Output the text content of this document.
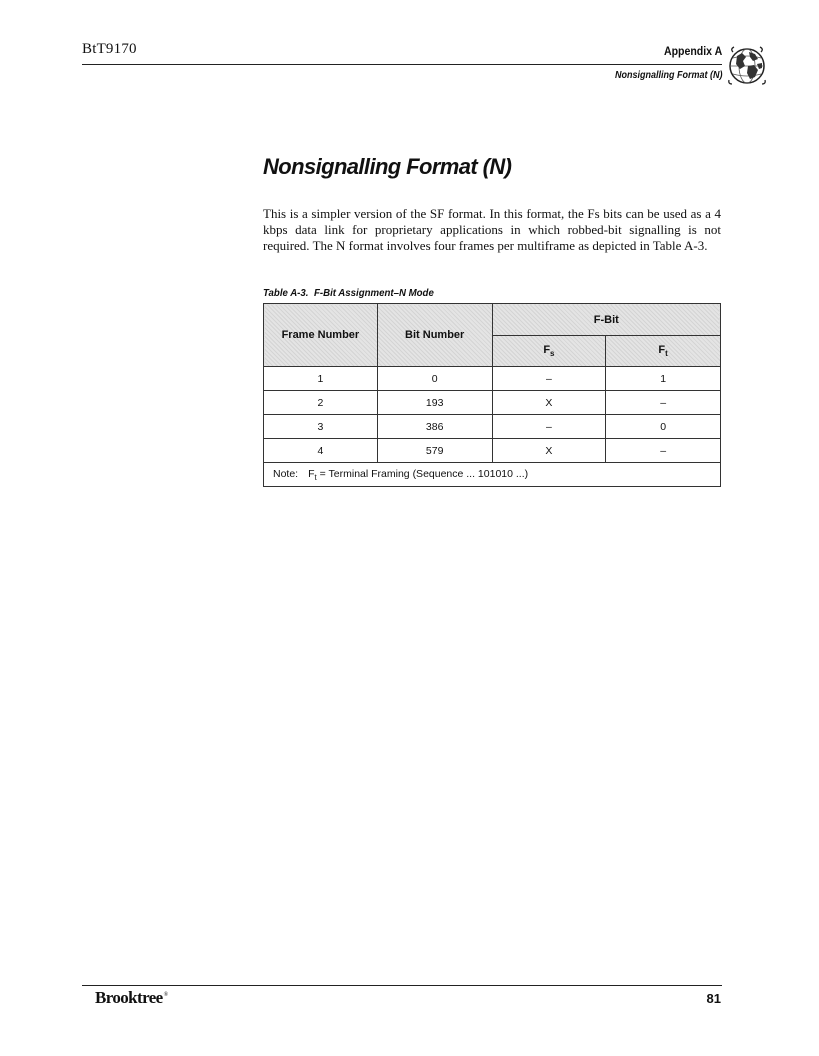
BtT9170	Appendix A
Nonsignalling Format (N)
Nonsignalling Format (N)

This is a simpler version of the SF format. In this format, the Fs bits can be used as a 4 kbps data link for proprietary applications in which robbed-bit signalling is not required. The N format involves four frames per multiframe as depicted in Table A-3.

Table A-3. F-Bit Assignment–N Mode
Frame Number	Bit Number	F-Bit	
		$F_s$	$F_t$
1	0	–	1
2	193	X	–
3	386	–	0
4	579	X	–
Note: $F_t$ = Terminal Framing (Sequence ... 101010 ...)			
Brooktree®	81
